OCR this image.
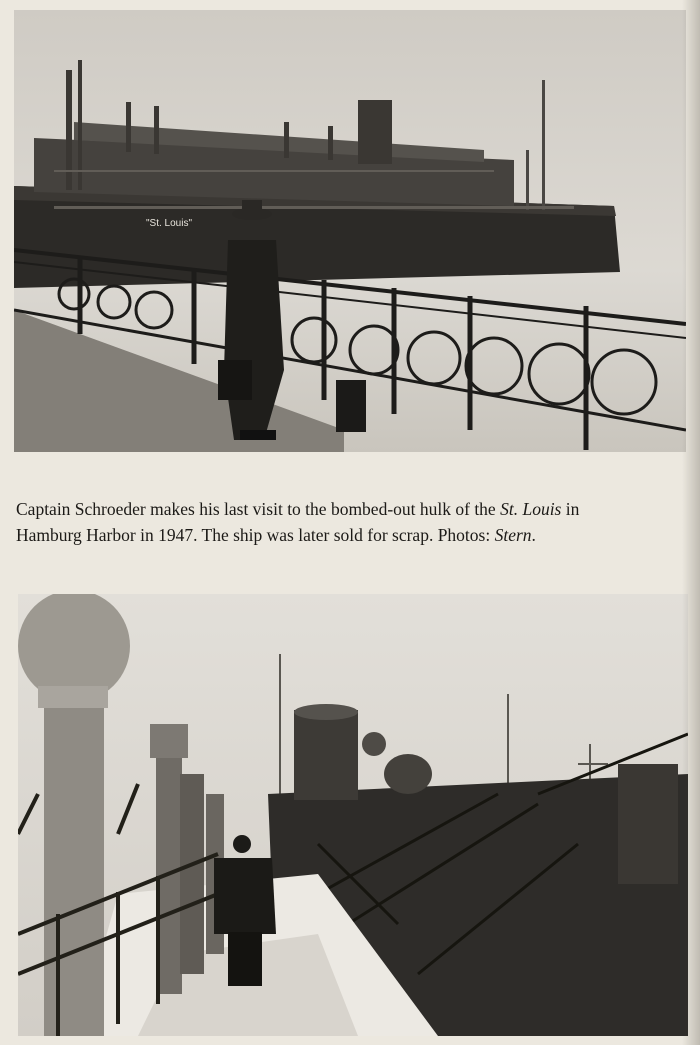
"St. Louis"
Captain Schroeder makes his last visit to the bombed-out hulk of the St. Louis in
Hamburg Harbor in 1947. The ship was later sold for scrap. Photos: Stern.
